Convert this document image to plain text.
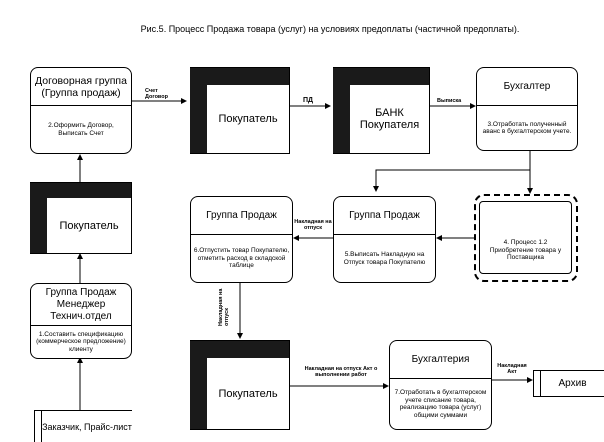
Рис.5. Процесс Продажа товара (услуг) на условиях предоплаты (частичной предоплаты).
Договорная группа (Группа продаж)
2.Оформить Договор, Выписать Счет
Бухгалтер
3.Отработать полученный аванс в бухгалтерском учете.
4. Процесс 1.2 Приобретение товара у Поставщика
Группа Продаж
5.Выписать Накладную на Отпуск товара Покупателю
Группа Продаж
6.Отпустить товар Покупателю, отметить расход в складской таблице
Группа Продаж Менеджер Технич.отдел
1.Составить спецификацию (коммерческое предложение) клиенту
Бухгалтерия
7.Отработать в бухгалтерском учете списание товара, реализацию товара (услуг) общими суммами
Покупатель	БАНК Покупателя
Покупатель
Покупатель
Заказчик, Прайс-лист
Архив
Счет Договор	ПД	Выписка
Накладная на отпуск
Накладная на отпуск
Накладная на отпуск Акт о выполнении работ
Накладная Акт
